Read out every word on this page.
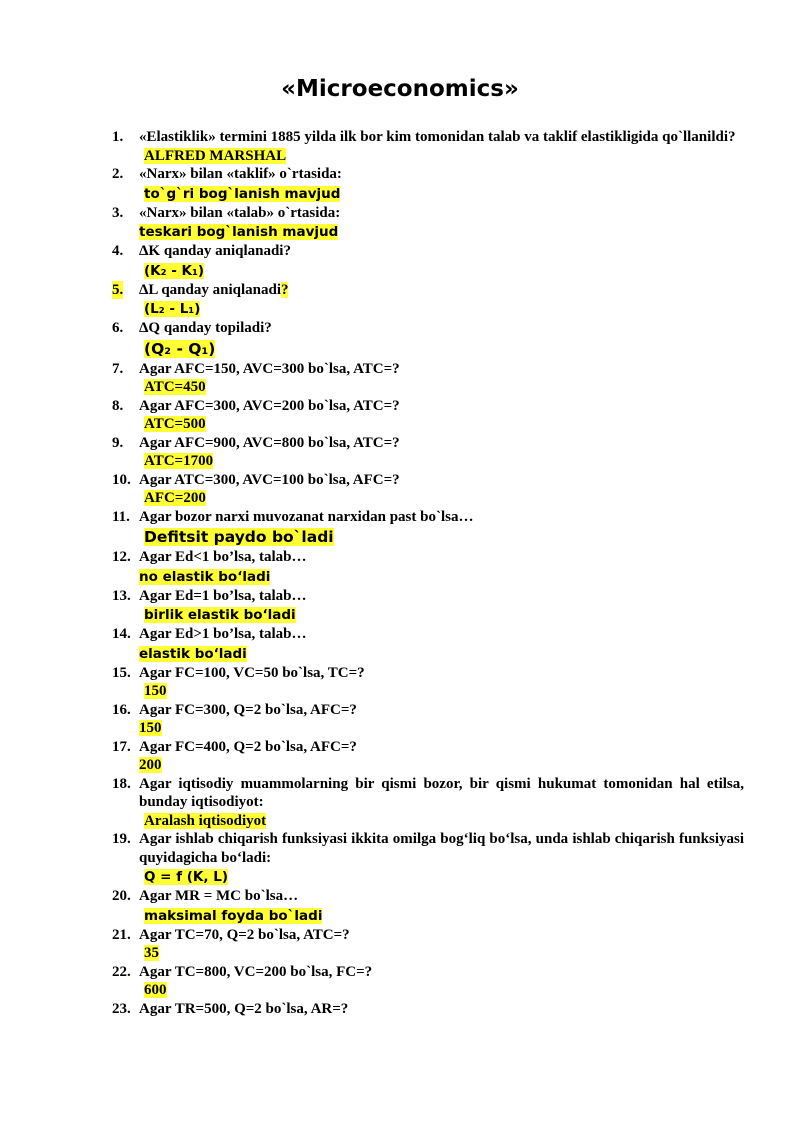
«Microeconomics»
1. «Elastiklik» termini 1885 yilda ilk bor kim tomonidan talab va taklif elastikligida qo`llanildi?
ALFRED MARSHAL
2. «Narx» bilan «taklif» o`rtasida:
to`g`ri bog`lanish mavjud
3. «Narx» bilan «talab» o`rtasida:
teskari bog`lanish mavjud
4. ΔK qanday aniqlanadi?
(K₂ - K₁)
5. ΔL qanday aniqlanadi?
(L₂ - L₁)
6. ΔQ qanday topiladi?
(Q₂ - Q₁)
7. Agar AFC=150, AVC=300 bo`lsa, ATC=?
ATC=450
8. Agar AFC=300, AVC=200 bo`lsa, ATC=?
ATC=500
9. Agar AFC=900, AVC=800 bo`lsa, ATC=?
ATC=1700
10. Agar ATC=300, AVC=100 bo`lsa, AFC=?
AFC=200
11. Agar bozor narxi muvozanat narxidan past bo`lsa…
Defitsit paydo bo`ladi
12. Agar Ed<1 bo’lsa, talab…
no elastik bo‘ladi
13. Agar Ed=1 bo’lsa, talab…
birlik elastik bo‘ladi
14. Agar Ed>1 bo’lsa, talab…
elastik bo‘ladi
15. Agar FC=100, VC=50 bo`lsa, TC=?
150
16. Agar FC=300, Q=2 bo`lsa, AFC=?
150
17. Agar FC=400, Q=2 bo`lsa, AFC=?
200
18. Agar iqtisodiy muammolarning bir qismi bozor, bir qismi hukumat tomonidan hal etilsa, bunday iqtisodiyot:
Aralash iqtisodiyot
19. Agar ishlab chiqarish funksiyasi ikkita omilga bog‘liq bo‘lsa, unda ishlab chiqarish funksiyasi quyidagicha bo‘ladi:
Q = f (K, L)
20. Agar MR = MC bo`lsa…
maksimal foyda bo`ladi
21. Agar TC=70, Q=2 bo`lsa, ATC=?
35
22. Agar TC=800, VC=200 bo`lsa, FC=?
600
23. Agar TR=500, Q=2 bo`lsa, AR=?
